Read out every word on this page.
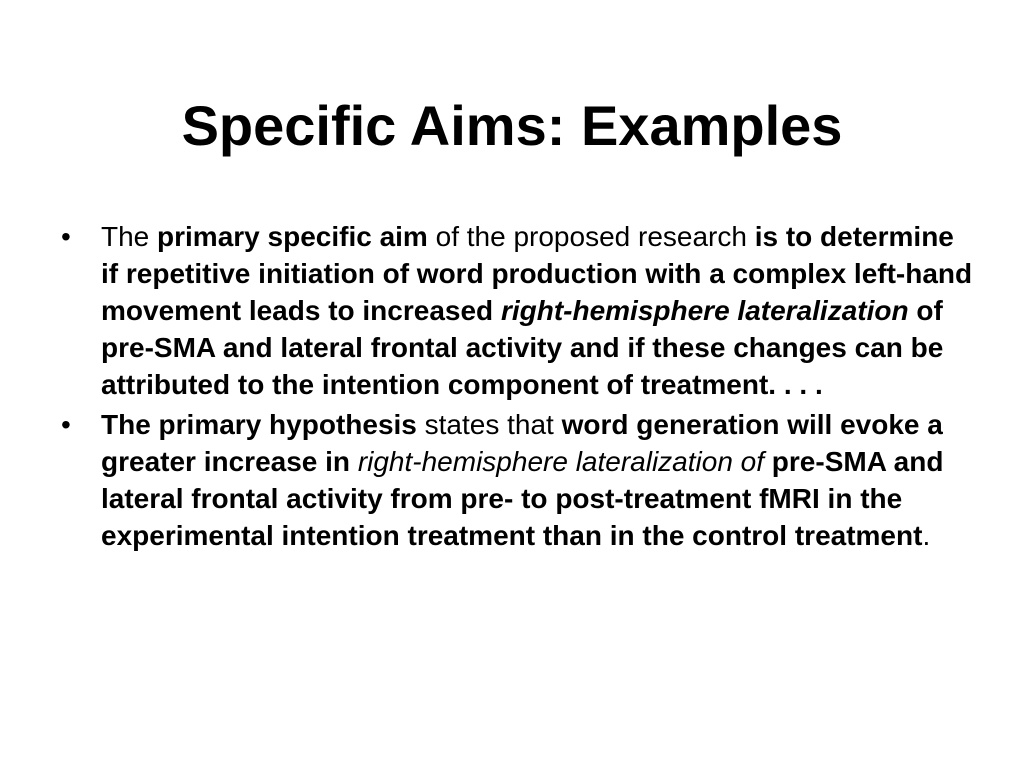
Specific Aims: Examples
• The primary specific aim of the proposed research is to determine if repetitive initiation of word production with a complex left-hand movement leads to increased right-hemisphere lateralization of pre-SMA and lateral frontal activity and if these changes can be attributed to the intention component of treatment. . . .
• The primary hypothesis states that word generation will evoke a greater increase in right-hemisphere lateralization of pre-SMA and lateral frontal activity from pre- to post-treatment fMRI in the experimental intention treatment than in the control treatment.
